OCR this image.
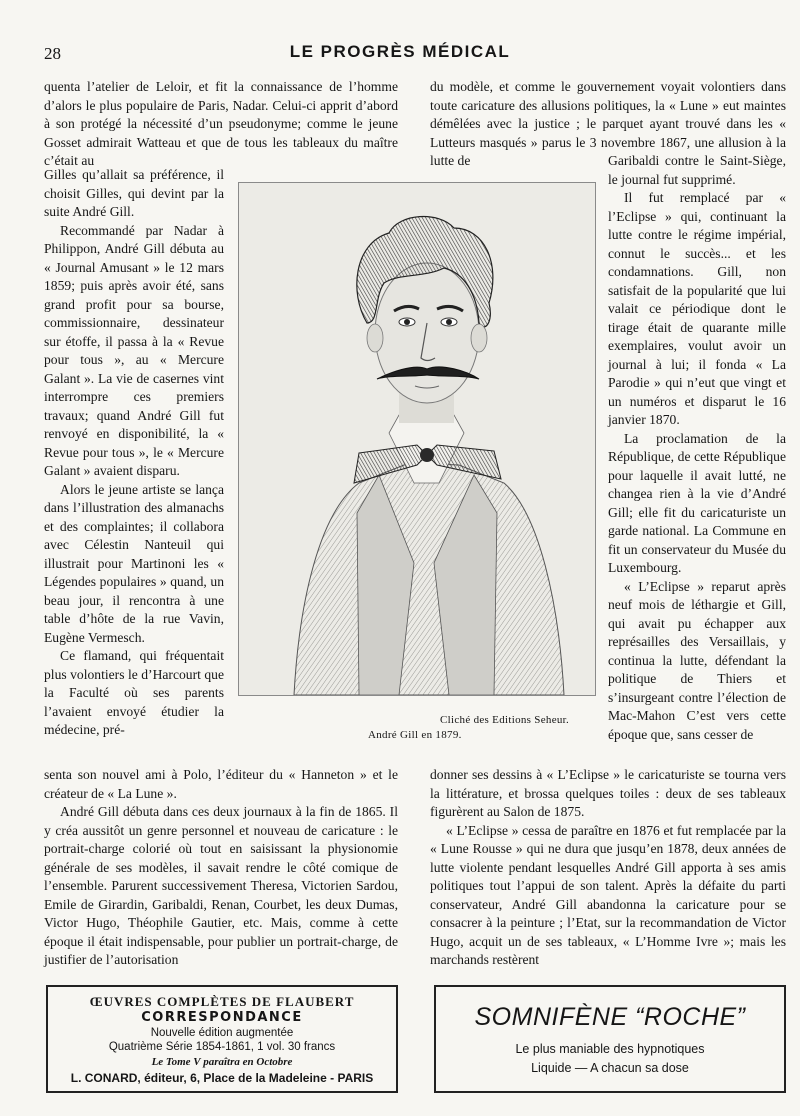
28	LE PROGRÈS MÉDICAL

quenta l’atelier de Leloir, et fit la connaissance de l’homme d’alors le plus populaire de Paris, Nadar. Celui-ci apprit d’abord à son protégé la nécessité d’un pseudonyme; comme le jeune Gosset admirait Watteau et que de tous les tableaux du maître c’était au

Gilles qu’allait sa préférence, il choisit Gilles, qui devint par la suite André Gill.

Recommandé par Nadar à Philippon, André Gill débuta au « Journal Amusant » le 12 mars 1859; puis après avoir été, sans grand profit pour sa bourse, commissionnaire, dessinateur sur étoffe, il passa à la « Revue pour tous », au « Mercure Galant ». La vie de casernes vint interrompre ces premiers travaux; quand André Gill fut renvoyé en disponibilité, la « Revue pour tous », le « Mercure Galant » avaient disparu.

Alors le jeune artiste se lança dans l’illustration des almanachs et des complaintes; il collabora avec Célestin Nanteuil qui illustrait pour Martinoni les « Légendes populaires » quand, un beau jour, il rencontra à une table d’hôte de la rue Vavin, Eugène Vermesch.

Ce flamand, qui fréquentait plus volontiers le d’Harcourt que la Faculté où ses parents l’avaient envoyé étudier la médecine, pré-

senta son nouvel ami à Polo, l’éditeur du « Hanneton » et le créateur de « La Lune ».

André Gill débuta dans ces deux journaux à la fin de 1865. Il y créa aussitôt un genre personnel et nouveau de caricature : le portrait-charge colorié où tout en saisissant la physionomie générale de ses modèles, il savait rendre le côté comique de l’ensemble. Parurent successivement Theresa, Victorien Sardou, Emile de Girardin, Garibaldi, Renan, Courbet, les deux Dumas, Victor Hugo, Théophile Gautier, etc. Mais, comme à cette époque il était indispensable, pour publier un portrait-charge, de justifier de l’autorisation

du modèle, et comme le gouvernement voyait volontiers dans toute caricature des allusions politiques, la « Lune » eut maintes démêlées avec la justice ; le parquet ayant trouvé dans les « Lutteurs masqués » parus le 3 novembre 1867, une allusion à la lutte de	Garibaldi contre le Saint-Siège, le journal fut supprimé.

Il fut remplacé par « l’Eclipse » qui, continuant la lutte contre le régime impérial, connut le succès... et les condamnations. Gill, non satisfait de la popularité que lui valait ce périodique dont le tirage était de quarante mille exemplaires, voulut avoir un journal à lui; il fonda « La Parodie » qui n’eut que vingt et un numéros et disparut le 16 janvier 1870.

La proclamation de la République, de cette République pour laquelle il avait lutté, ne changea rien à la vie d’André Gill; elle fit du caricaturiste un garde national. La Commune en fit un conservateur du Musée du Luxembourg.

« L’Eclipse » reparut après neuf mois de léthargie et Gill, qui avait pu échapper aux représailles des Versaillais, y continua la lutte, défendant la politique de Thiers et s’insurgeant contre l’élection de Mac-Mahon C’est vers cette époque que, sans cesser de

donner ses dessins à « L’Eclipse » le caricaturiste se tourna vers la littérature, et brossa quelques toiles : deux de ses tableaux figurèrent au Salon de 1875.

« L’Eclipse » cessa de paraître en 1876 et fut remplacée par la « Lune Rousse » qui ne dura que jusqu’en 1878, deux années de lutte violente pendant lesquelles André Gill apporta à ses amis politiques tout l’appui de son talent. Après la défaite du parti conservateur, André Gill abandonna la caricature pour se consacrer à la peinture ; l’Etat, sur la recommandation de Victor Hugo, acquit un de ses tableaux, « L’Homme Ivre »; mais les marchands restèrent

Cliché des Editions Seheur.
André Gill en 1879.
ŒUVRES COMPLÈTES DE FLAUBERT
CORRESPONDANCE
Nouvelle édition augmentée
Quatrième Série 1854-1861, 1 vol. 30 francs
Le Tome V paraîtra en Octobre
L. CONARD, éditeur, 6, Place de la Madeleine - PARIS
SOMNIFÈNE “ROCHE”
Le plus maniable des hypnotiques
Liquide — A chacun sa dose
